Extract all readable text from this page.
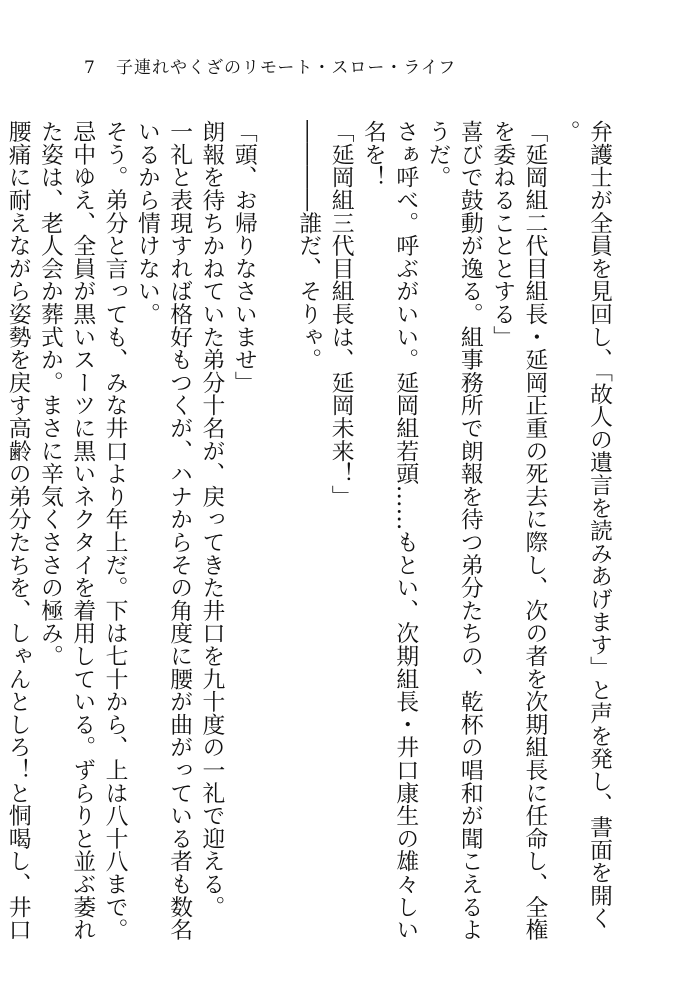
7 子連れやくざのリモート・スロー・ライフ

弁護士が全員を見回し、「故人の遺言を読みあげます」と声を発し、書面を開く。

「延岡組二代目組長・延岡正重の死去に際し、次の者を次期組長に任命し、全権を委ねることとする」

喜びで鼓動が逸る。組事務所で朗報を待つ弟分たちの、乾杯の唱和が聞こえるようだ。

さぁ呼べ。呼ぶがいい。延岡組若頭……もとい、次期組長・井口康生の雄々しい名を！

「延岡組三代目組長は、延岡未来！」

――――誰だ、そりゃ。

「頭、お帰りなさいませ」

朗報を待ちかねていた弟分十名が、戻ってきた井口を九十度の一礼で迎える。

一礼と表現すれば格好もつくが、ハナからその角度に腰が曲がっている者も数名いるから情けない。

そう。弟分と言っても、みな井口より年上だ。下は七十から、上は八十八まで。忌中ゆえ、全員が黒いスーツに黒いネクタイを着用している。ずらりと並ぶ萎れた姿は、老人会か葬式か。まさに辛気くささの極み。

腰痛に耐えながら姿勢を戻す高齢の弟分たちを、しゃんとしろ！と恫喝し、井口
